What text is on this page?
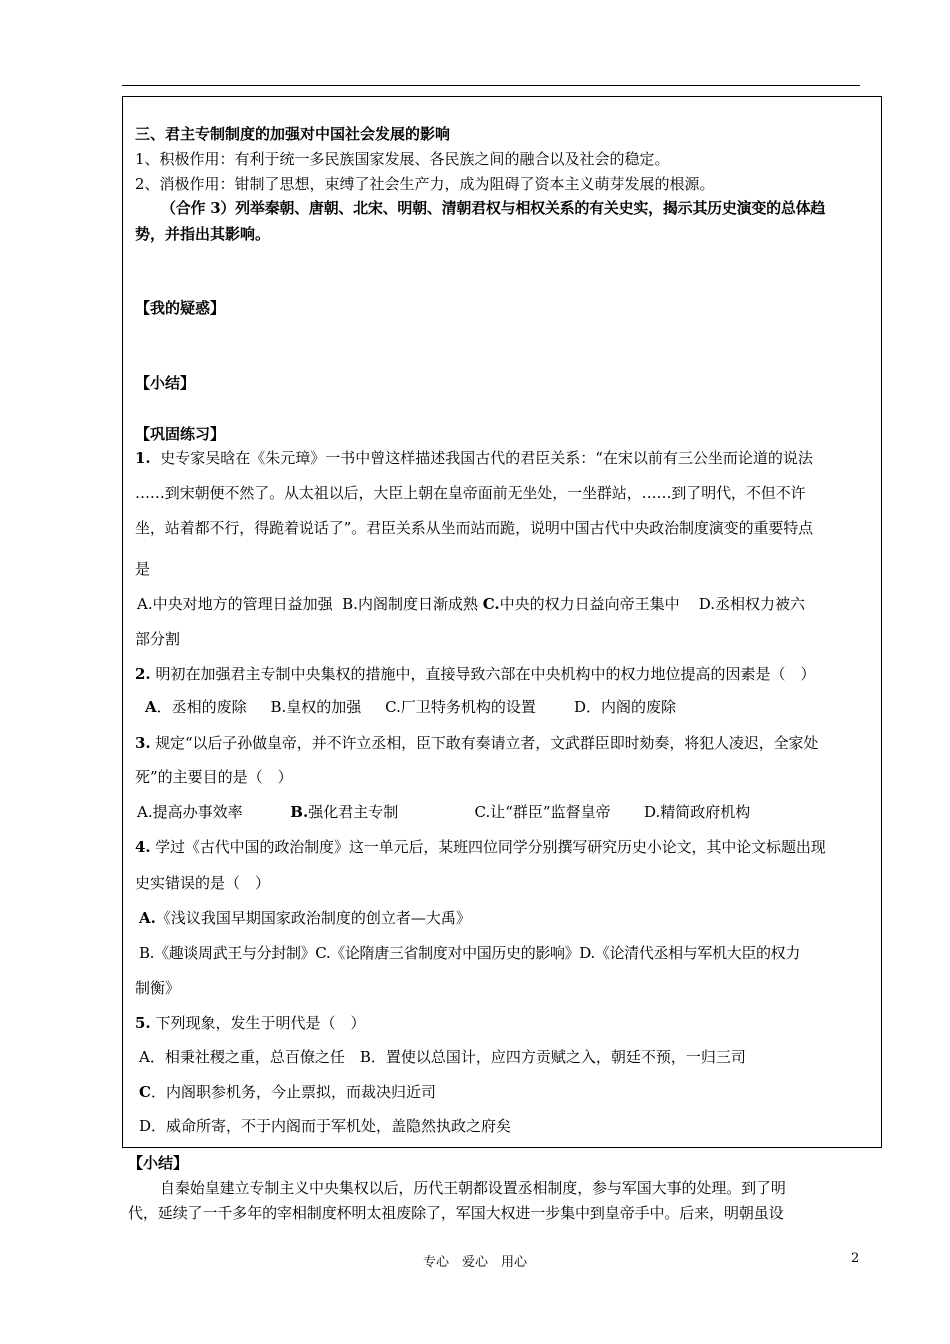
三、君主专制制度的加强对中国社会发展的影响
1、积极作用：有利于统一多民族国家发展、各民族之间的融合以及社会的稳定。
2、消极作用：钳制了思想，束缚了社会生产力，成为阻碍了资本主义萌芽发展的根源。
（合作 3）列举秦朝、唐朝、北宋、明朝、清朝君权与相权关系的有关史实，揭示其历史演变的总体趋
势，并指出其影响。
【我的疑惑】
【小结】
【巩固练习】
1. 史专家吴晗在《朱元璋》一书中曾这样描述我国古代的君臣关系：“在宋以前有三公坐而论道的说法
……到宋朝便不然了。从太祖以后，大臣上朝在皇帝面前无坐处，一坐群站，……到了明代，不但不许
坐，站着都不行，得跪着说话了”。君臣关系从坐而站而跪，说明中国古代中央政治制度演变的重要特点
是
A.中央对地方的管理日益加强 B.内阁制度日渐成熟 C.中央的权力日益向帝王集中 D.丞相权力被六
部分割
2. 明初在加强君主专制中央集权的措施中，直接导致六部在中央机构中的权力地位提高的因素是（　）
A．丞相的废除 B.皇权的加强 C.厂卫特务机构的设置	D．内阁的废除
3. 规定“以后子孙做皇帝，并不许立丞相，臣下敢有奏请立者，文武群臣即时劾奏，将犯人凌迟，全家处
死”的主要目的是（　）
A.提高办事效率	B.强化君主专制	C.让“群臣”监督皇帝 D.精简政府机构
4. 学过《古代中国的政治制度》这一单元后，某班四位同学分别撰写研究历史小论文，其中论文标题出现
史实错误的是（　）
A.《浅议我国早期国家政治制度的创立者—大禹》
B.《趣谈周武王与分封制》C.《论隋唐三省制度对中国历史的影响》D.《论清代丞相与军机大臣的权力
制衡》
5. 下列现象，发生于明代是（　）
A．相秉社稷之重，总百僚之任　B．置使以总国计，应四方贡赋之入，朝廷不预，一归三司
C．内阁职参机务，今止票拟，而裁决归近司
D．威命所寄，不于内阁而于军机处，盖隐然执政之府矣
【小结】
自秦始皇建立专制主义中央集权以后，历代王朝都设置丞相制度，参与军国大事的处理。到了明
代，延续了一千多年的宰相制度杯明太祖废除了，军国大权进一步集中到皇帝手中。后来，明朝虽设
专心　爱心　用心	2
